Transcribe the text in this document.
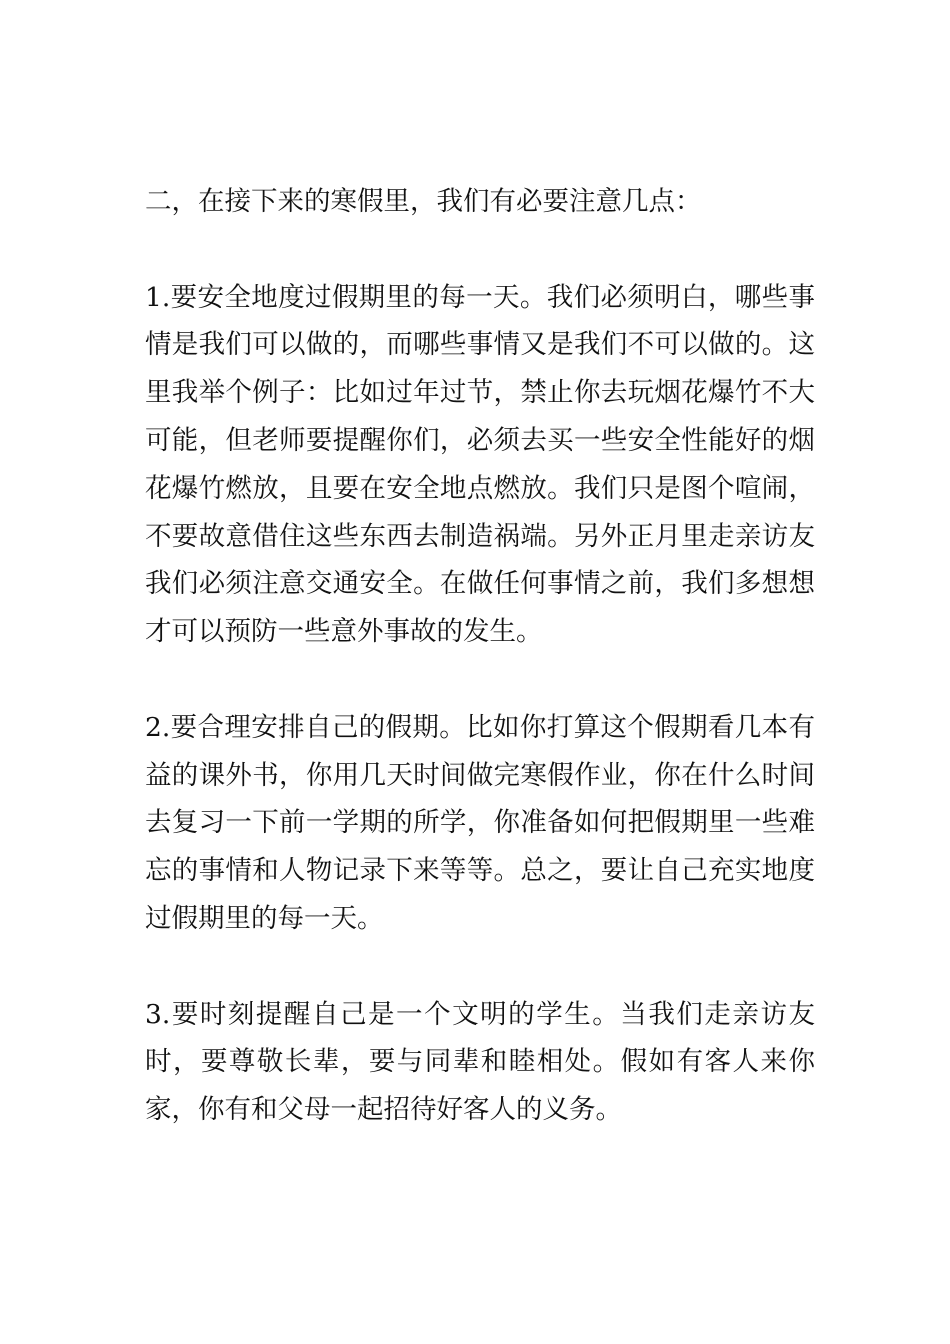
二，在接下来的寒假里，我们有必要注意几点：

1.要安全地度过假期里的每一天。我们必须明白，哪些事情是我们可以做的，而哪些事情又是我们不可以做的。这里我举个例子：比如过年过节，禁止你去玩烟花爆竹不大可能，但老师要提醒你们，必须去买一些安全性能好的烟花爆竹燃放，且要在安全地点燃放。我们只是图个喧闹，不要故意借住这些东西去制造祸端。另外正月里走亲访友我们必须注意交通安全。在做任何事情之前，我们多想想才可以预防一些意外事故的发生。

2.要合理安排自己的假期。比如你打算这个假期看几本有益的课外书，你用几天时间做完寒假作业，你在什么时间去复习一下前一学期的所学，你准备如何把假期里一些难忘的事情和人物记录下来等等。总之，要让自己充实地度过假期里的每一天。

3.要时刻提醒自己是一个文明的学生。当我们走亲访友时，要尊敬长辈，要与同辈和睦相处。假如有客人来你家，你有和父母一起招待好客人的义务。
